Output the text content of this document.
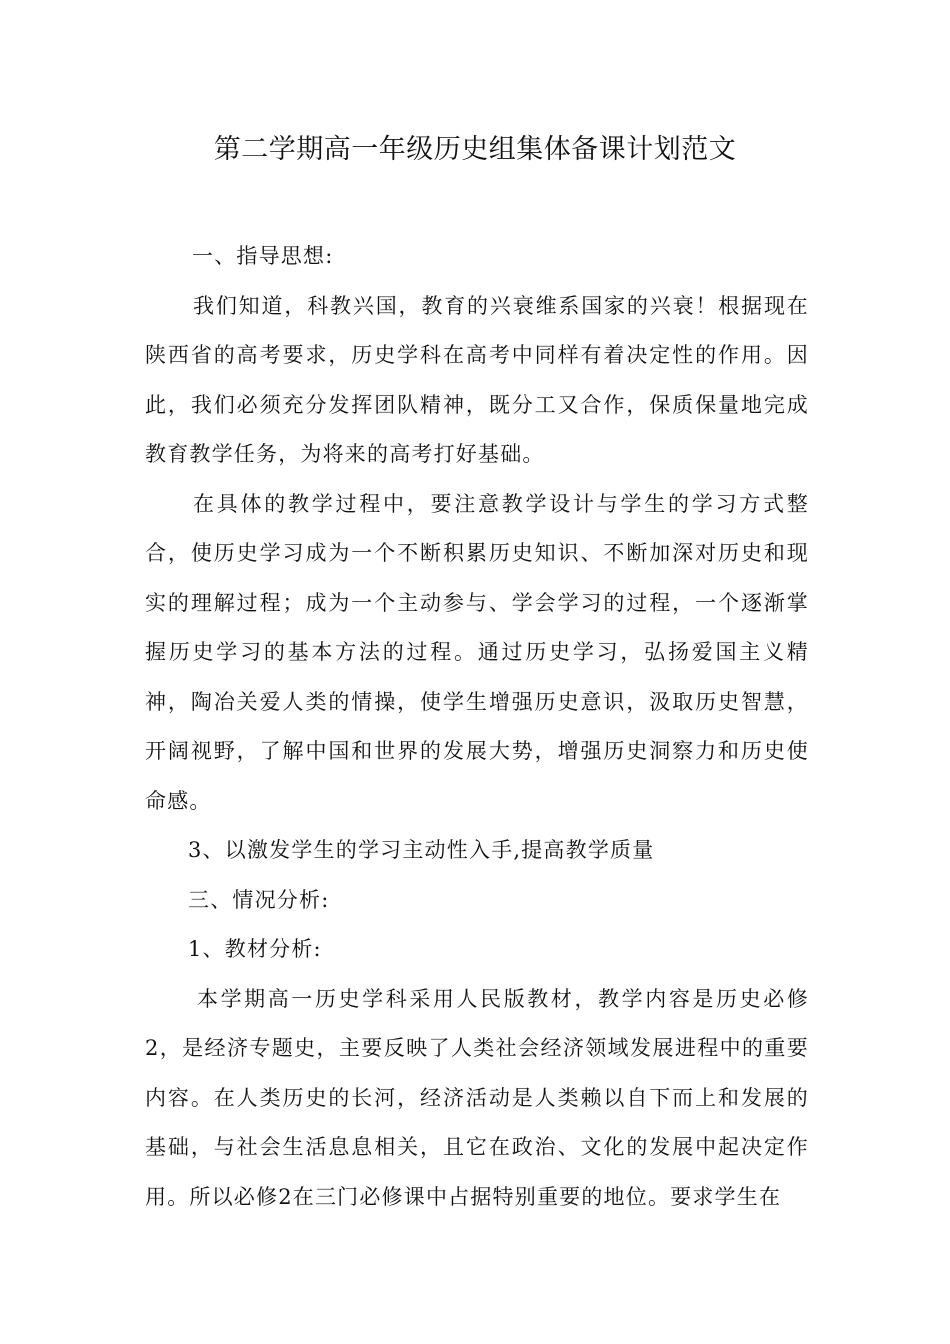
第二学期高一年级历史组集体备课计划范文

一、指导思想:

我们知道，科教兴国，教育的兴衰维系国家的兴衰！根据现在陕西省的高考要求，历史学科在高考中同样有着决定性的作用。因此，我们必须充分发挥团队精神，既分工又合作，保质保量地完成教育教学任务，为将来的高考打好基础。

在具体的教学过程中，要注意教学设计与学生的学习方式整合，使历史学习成为一个不断积累历史知识、不断加深对历史和现实的理解过程；成为一个主动参与、学会学习的过程，一个逐渐掌握历史学习的基本方法的过程。通过历史学习，弘扬爱国主义精神，陶冶关爱人类的情操，使学生增强历史意识，汲取历史智慧，开阔视野，了解中国和世界的发展大势，增强历史洞察力和历史使命感。

3、以激发学生的学习主动性入手,提高教学质量

三、情况分析:

1、教材分析:

本学期高一历史学科采用人民版教材，教学内容是历史必修2，是经济专题史，主要反映了人类社会经济领域发展进程中的重要内容。在人类历史的长河，经济活动是人类赖以自下而上和发展的基础，与社会生活息息相关，且它在政治、文化的发展中起决定作用。所以必修2在三门必修课中占据特别重要的地位。要求学生在
